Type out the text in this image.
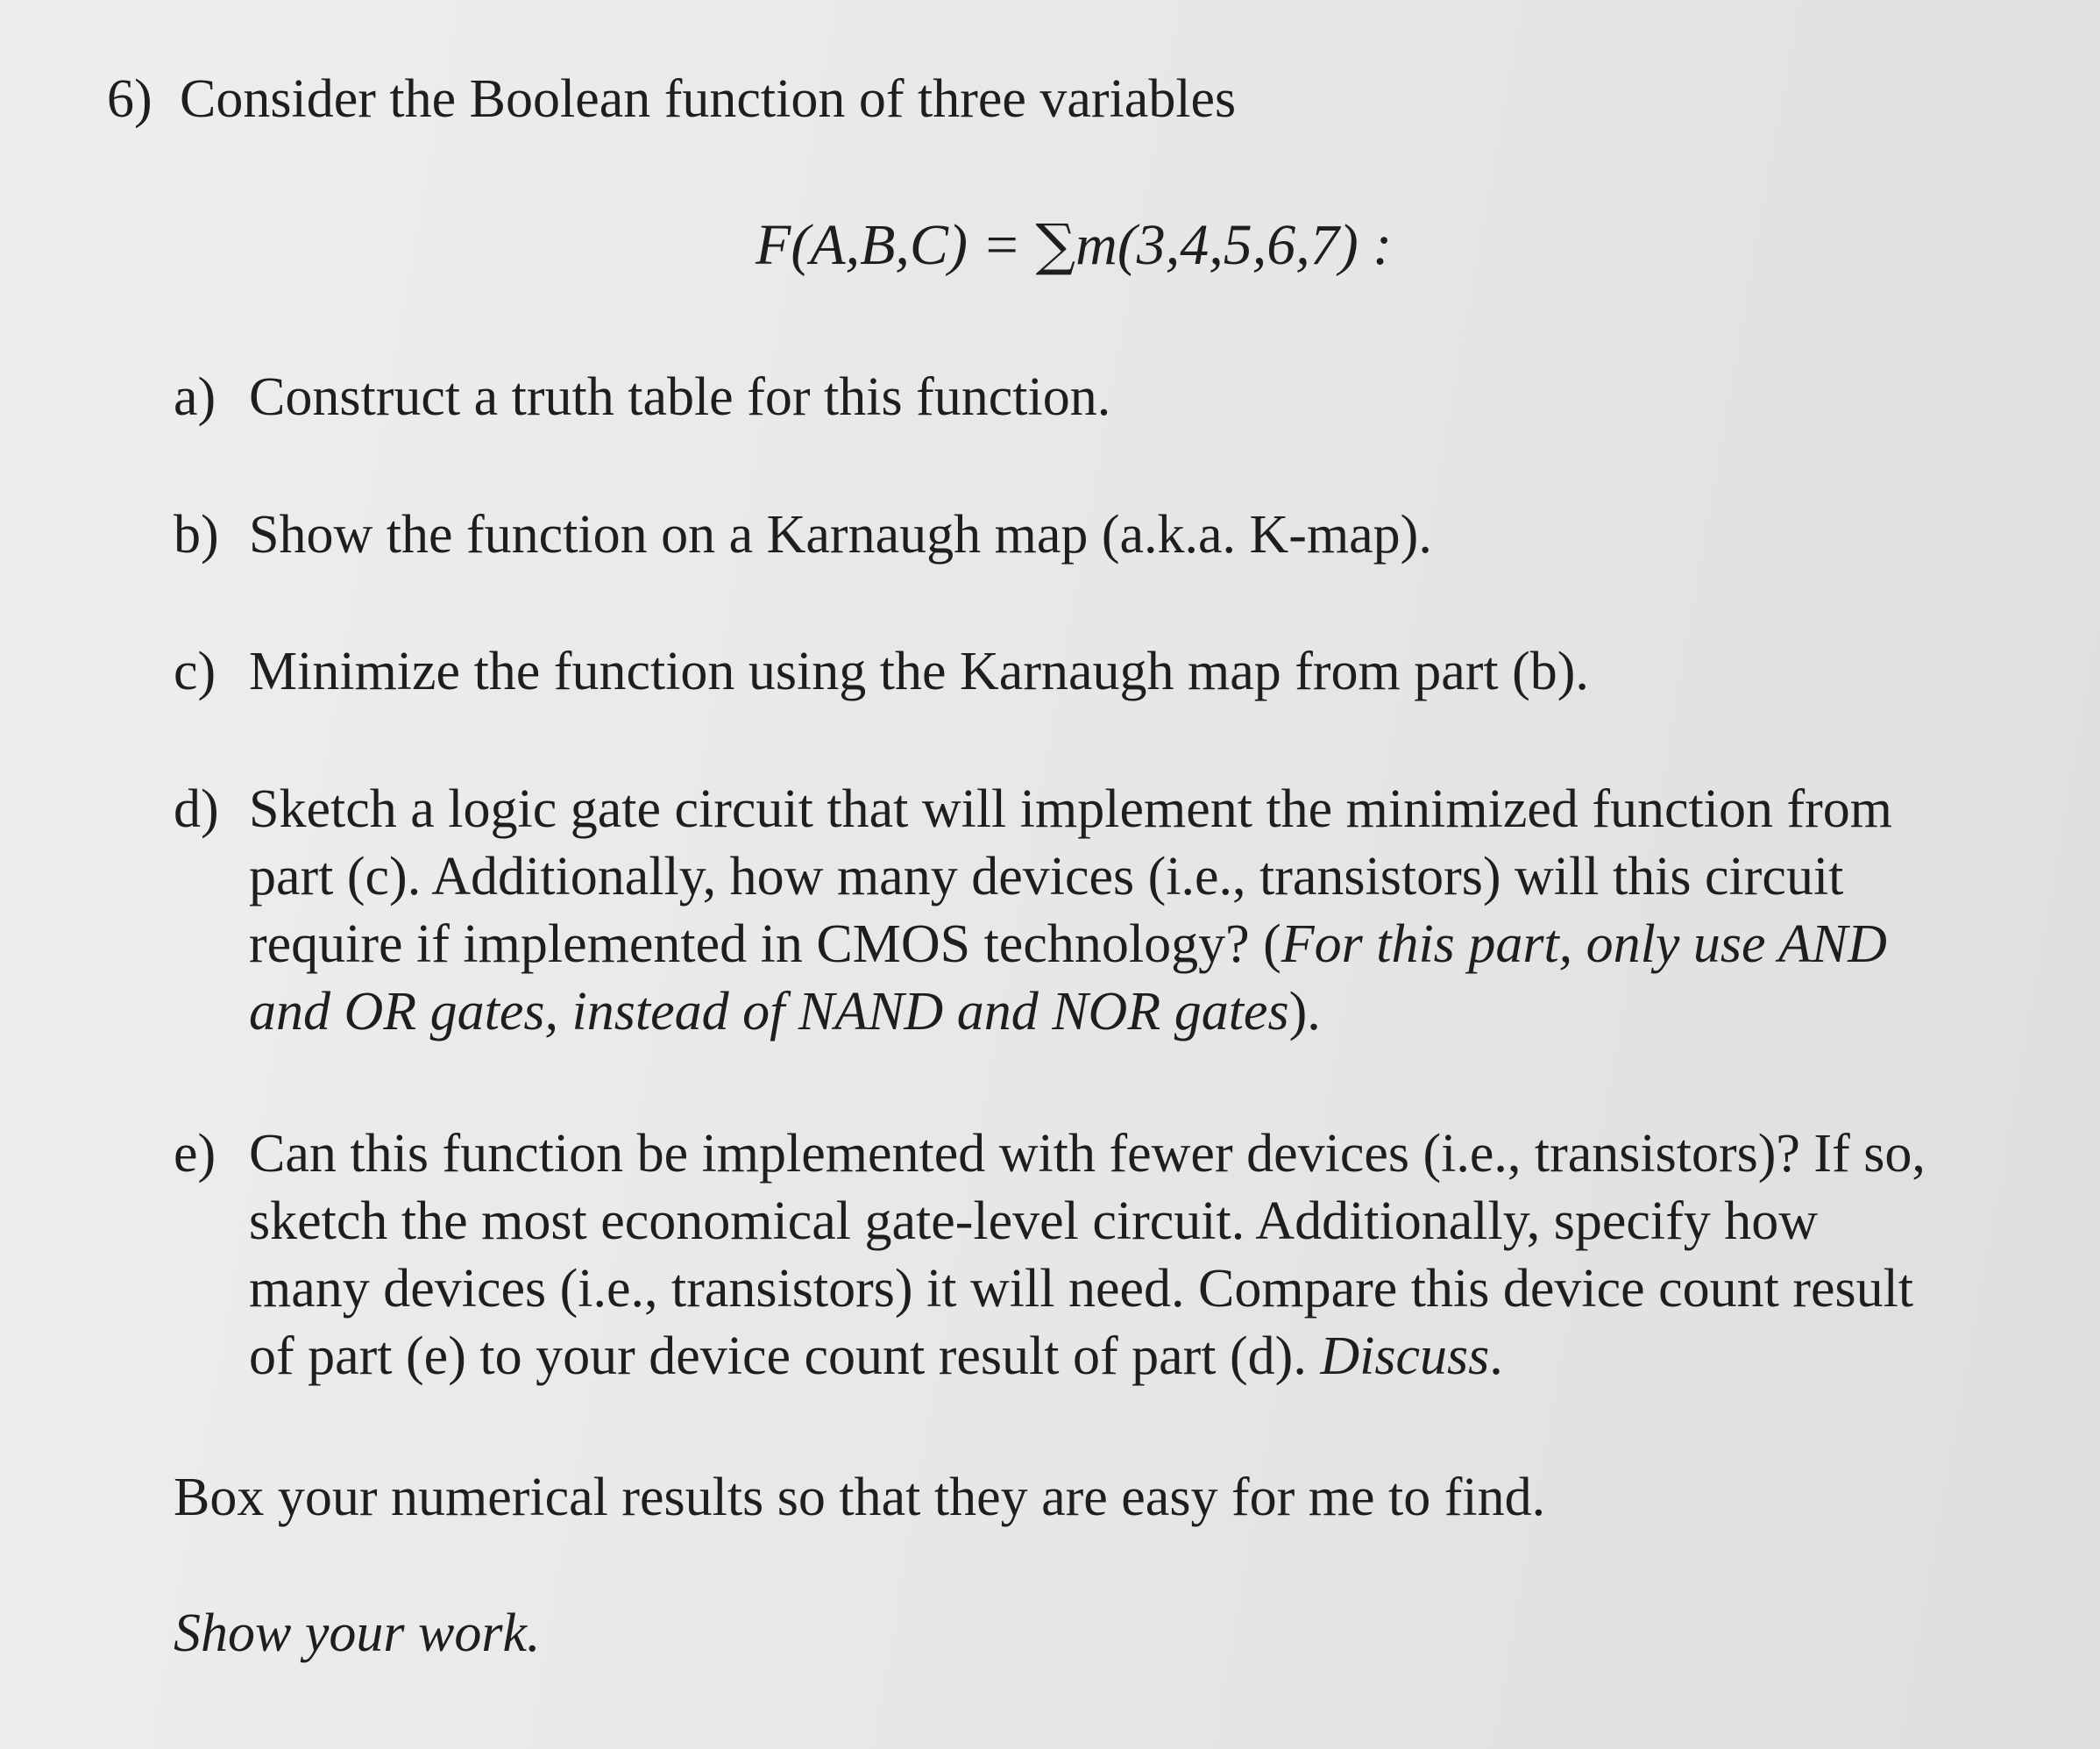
6) Consider the Boolean function of three variables
F(A,B,C) = ∑m(3,4,5,6,7) :
a) Construct a truth table for this function.
b) Show the function on a Karnaugh map (a.k.a. K-map).
c) Minimize the function using the Karnaugh map from part (b).
d) Sketch a logic gate circuit that will implement the minimized function from
part (c). Additionally, how many devices (i.e., transistors) will this circuit
require if implemented in CMOS technology? (For this part, only use AND
and OR gates, instead of NAND and NOR gates).
e) Can this function be implemented with fewer devices (i.e., transistors)? If so,
sketch the most economical gate-level circuit. Additionally, specify how
many devices (i.e., transistors) it will need. Compare this device count result
of part (e) to your device count result of part (d). Discuss.
Box your numerical results so that they are easy for me to find.
Show your work.
